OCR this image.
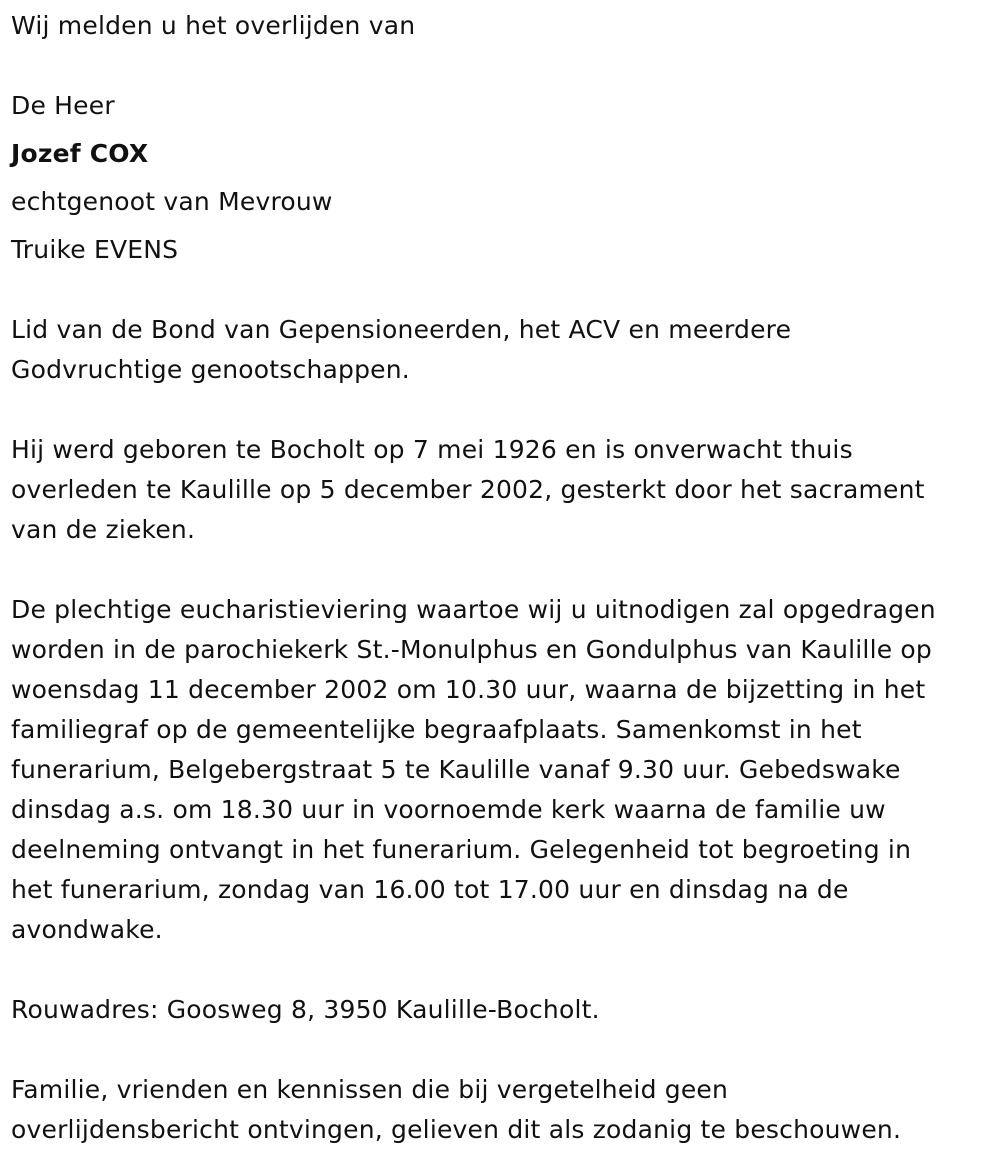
Wij melden u het overlijden van
De Heer
Jozef COX
echtgenoot van Mevrouw
Truike EVENS
Lid van de Bond van Gepensioneerden, het ACV en meerdere
Godvruchtige genootschappen.
Hij werd geboren te Bocholt op 7 mei 1926 en is onverwacht thuis
overleden te Kaulille op 5 december 2002, gesterkt door het sacrament
van de zieken.
De plechtige eucharistieviering waartoe wij u uitnodigen zal opgedragen
worden in de parochiekerk St.-Monulphus en Gondulphus van Kaulille op
woensdag 11 december 2002 om 10.30 uur, waarna de bijzetting in het
familiegraf op de gemeentelijke begraafplaats. Samenkomst in het
funerarium, Belgebergstraat 5 te Kaulille vanaf 9.30 uur. Gebedswake
dinsdag a.s. om 18.30 uur in voornoemde kerk waarna de familie uw
deelneming ontvangt in het funerarium. Gelegenheid tot begroeting in
het funerarium, zondag van 16.00 tot 17.00 uur en dinsdag na de
avondwake.
Rouwadres: Goosweg 8, 3950 Kaulille-Bocholt.
Familie, vrienden en kennissen die bij vergetelheid geen
overlijdensbericht ontvingen, gelieven dit als zodanig te beschouwen.
